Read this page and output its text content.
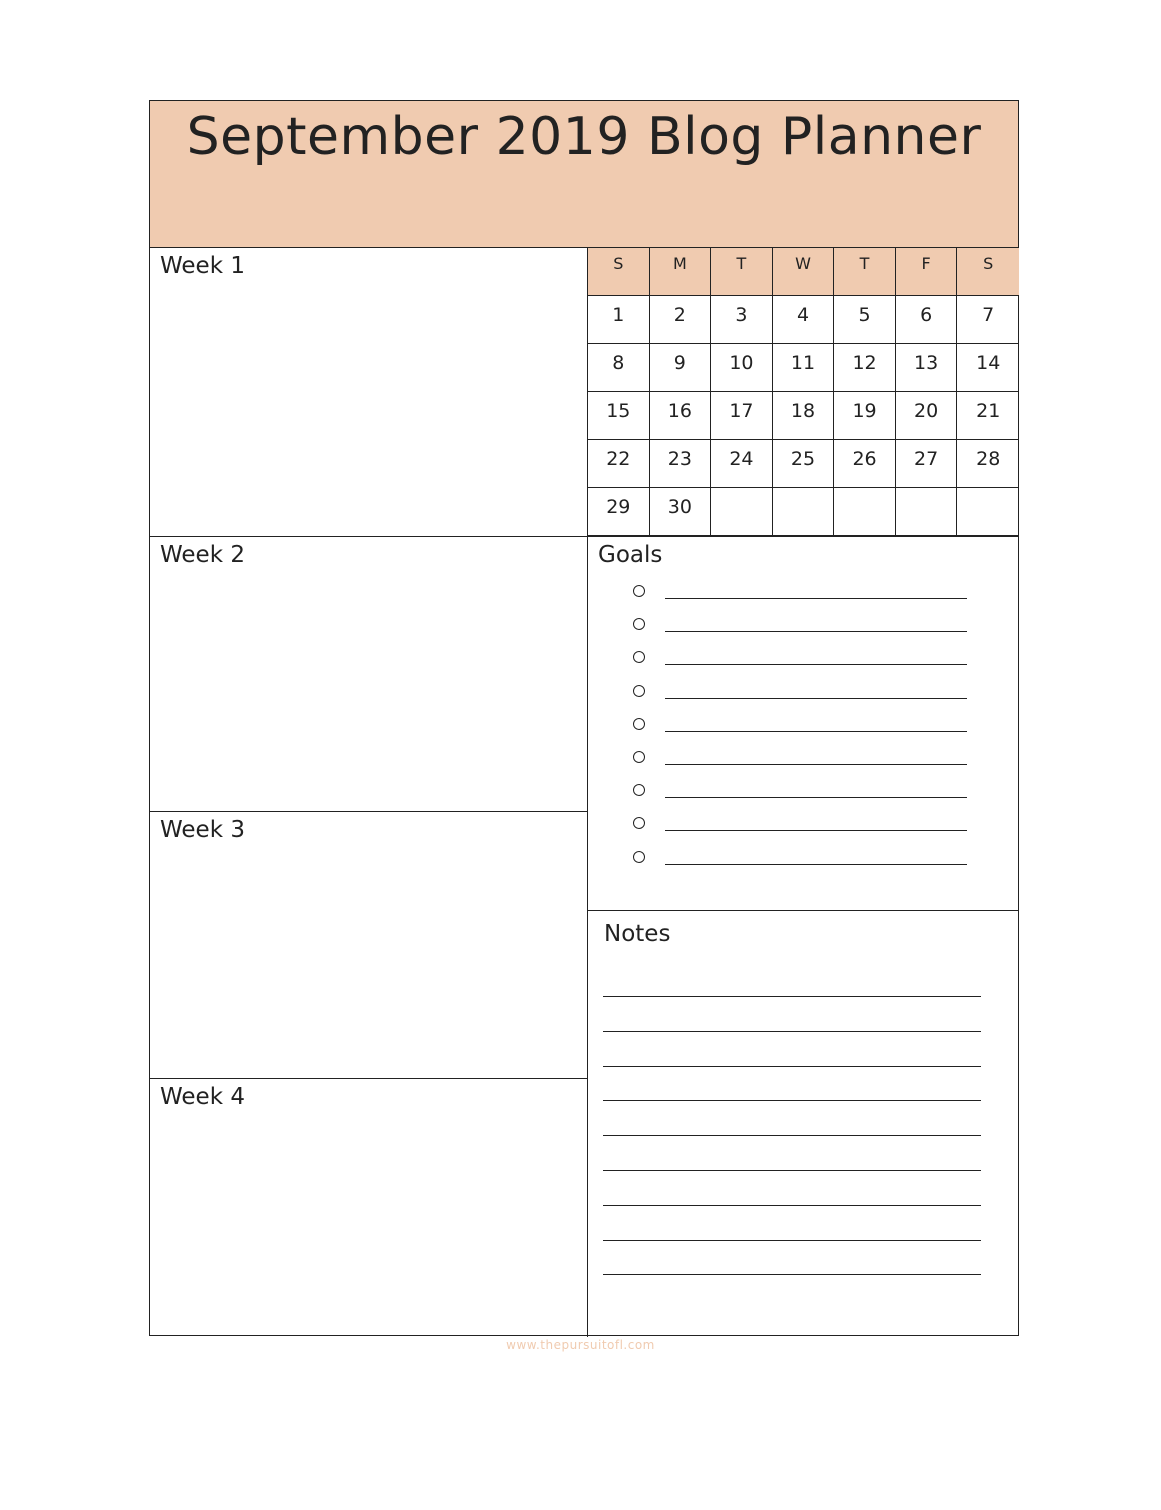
September 2019 Blog Planner
Week 1
Week 2
Week 3
Week 4
S	M	T	W	T	F	S
1	2	3	4	5	6	7
8	9	10	11	12	13	14
15	16	17	18	19	20	21
22	23	24	25	26	27	28
29	30
Goals
Notes
www.thepursuitofl.com
